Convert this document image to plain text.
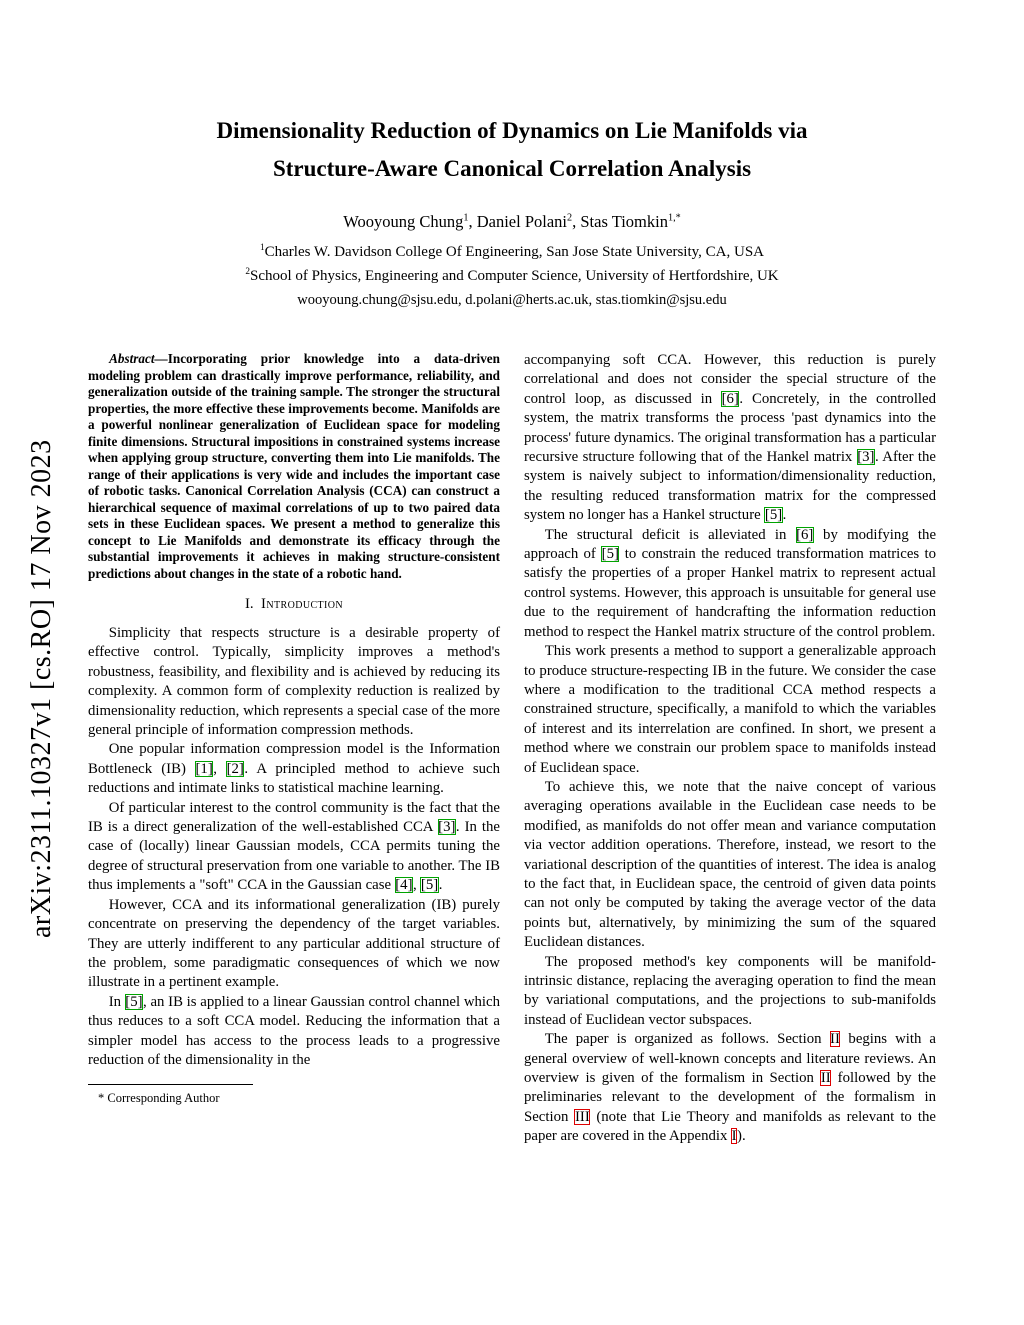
arXiv:2311.10327v1 [cs.RO] 17 Nov 2023
Dimensionality Reduction of Dynamics on Lie Manifolds via
Structure-Aware Canonical Correlation Analysis
Wooyoung Chung$^1$, Daniel Polani$^2$, Stas Tiomkin$^{1,*}$
$^1$Charles W. Davidson College Of Engineering, San Jose State University, CA, USA
$^2$School of Physics, Engineering and Computer Science, University of Hertfordshire, UK
wooyoung.chung@sjsu.edu, d.polani@herts.ac.uk, stas.tiomkin@sjsu.edu

Abstract—Incorporating prior knowledge into a data-driven modeling problem can drastically improve performance, reliability, and generalization outside of the training sample. The stronger the structural properties, the more effective these improvements become. Manifolds are a powerful nonlinear generalization of Euclidean space for modeling finite dimensions. Structural impositions in constrained systems increase when applying group structure, converting them into Lie manifolds. The range of their applications is very wide and includes the important case of robotic tasks. Canonical Correlation Analysis (CCA) can construct a hierarchical sequence of maximal correlations of up to two paired data sets in these Euclidean spaces. We present a method to generalize this concept to Lie Manifolds and demonstrate its efficacy through the substantial improvements it achieves in making structure-consistent predictions about changes in the state of a robotic hand.

I. Introduction

Simplicity that respects structure is a desirable property of effective control. Typically, simplicity improves a method's robustness, feasibility, and flexibility and is achieved by reducing its complexity. A common form of complexity reduction is realized by dimensionality reduction, which represents a special case of the more general principle of information compression methods.

One popular information compression model is the Information Bottleneck (IB) [1], [2]. A principled method to achieve such reductions and intimate links to statistical machine learning.

Of particular interest to the control community is the fact that the IB is a direct generalization of the well-established CCA [3]. In the case of (locally) linear Gaussian models, CCA permits tuning the degree of structural preservation from one variable to another. The IB thus implements a "soft" CCA in the Gaussian case [4], [5].

However, CCA and its informational generalization (IB) purely concentrate on preserving the dependency of the target variables. They are utterly indifferent to any particular additional structure of the problem, some paradigmatic consequences of which we now illustrate in a pertinent example.

In [5], an IB is applied to a linear Gaussian control channel which thus reduces to a soft CCA model. Reducing the information that a simpler model has access to the process leads to a progressive reduction of the dimensionality in the

* Corresponding Author

accompanying soft CCA. However, this reduction is purely correlational and does not consider the special structure of the control loop, as discussed in [6]. Concretely, in the controlled system, the matrix transforms the process 'past dynamics into the process' future dynamics. The original transformation has a particular recursive structure following that of the Hankel matrix [3]. After the system is naively subject to information/dimensionality reduction, the resulting reduced transformation matrix for the compressed system no longer has a Hankel structure [5].

The structural deficit is alleviated in [6] by modifying the approach of [5] to constrain the reduced transformation matrices to satisfy the properties of a proper Hankel matrix to represent actual control systems. However, this approach is unsuitable for general use due to the requirement of handcrafting the information reduction method to respect the Hankel matrix structure of the control problem.

This work presents a method to support a generalizable approach to produce structure-respecting IB in the future. We consider the case where a modification to the traditional CCA method respects a constrained structure, specifically, a manifold to which the variables of interest and its interrelation are confined. In short, we present a method where we constrain our problem space to manifolds instead of Euclidean space.

To achieve this, we note that the naive concept of various averaging operations available in the Euclidean case needs to be modified, as manifolds do not offer mean and variance computation via vector addition operations. Therefore, instead, we resort to the variational description of the quantities of interest. The idea is analog to the fact that, in Euclidean space, the centroid of given data points can not only be computed by taking the average vector of the data points but, alternatively, by minimizing the sum of the squared Euclidean distances.

The proposed method's key components will be manifold-intrinsic distance, replacing the averaging operation to find the mean by variational computations, and the projections to sub-manifolds instead of Euclidean vector subspaces.

The paper is organized as follows. Section II begins with a general overview of well-known concepts and literature reviews. An overview is given of the formalism in Section II followed by the preliminaries relevant to the development of the formalism in Section III (note that Lie Theory and manifolds as relevant to the paper are covered in the Appendix I).
